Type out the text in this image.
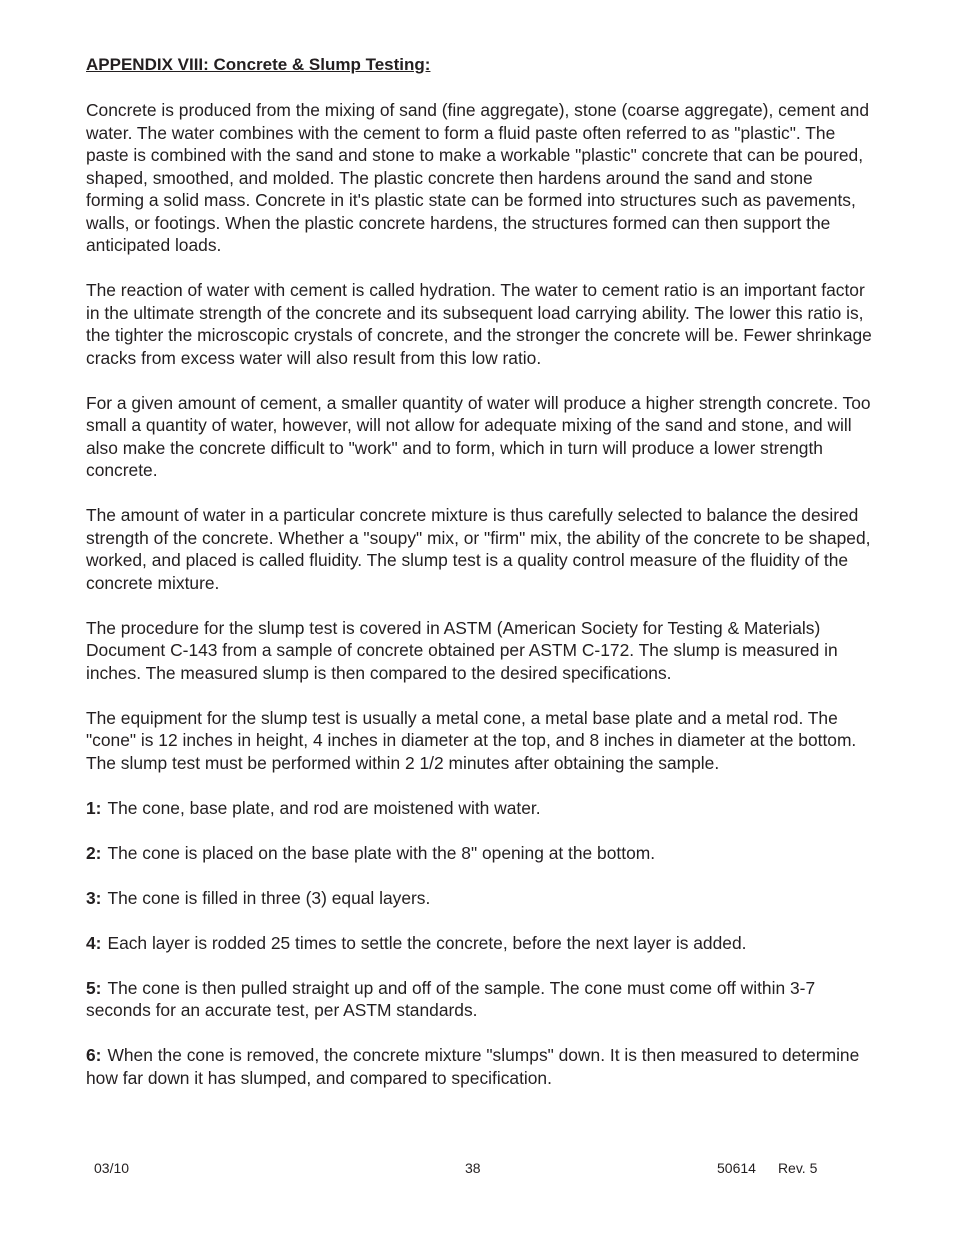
APPENDIX VIII: Concrete & Slump Testing:

Concrete is produced from the mixing of sand (fine aggregate), stone (coarse aggregate), cement and water. The water combines with the cement to form a fluid paste often referred to as "plastic". The paste is combined with the sand and stone to make a workable "plastic" concrete that can be poured, shaped, smoothed, and molded. The plastic concrete then hardens around the sand and stone forming a solid mass. Concrete in it's plastic state can be formed into structures such as pavements, walls, or footings. When the plastic concrete hardens, the structures formed can then support the anticipated loads.

The reaction of water with cement is called hydration. The water to cement ratio is an important factor in the ultimate strength of the concrete and its subsequent load carrying ability. The lower this ratio is, the tighter the microscopic crystals of concrete, and the stronger the concrete will be. Fewer shrinkage cracks from excess water will also result from this low ratio.

For a given amount of cement, a smaller quantity of water will produce a higher strength concrete. Too small a quantity of water, however, will not allow for adequate mixing of the sand and stone, and will also make the concrete difficult to "work" and to form, which in turn will produce a lower strength concrete.

The amount of water in a particular concrete mixture is thus carefully selected to balance the desired strength of the concrete. Whether a "soupy" mix, or "firm" mix, the ability of the concrete to be shaped, worked, and placed is called fluidity. The slump test is a quality control measure of the fluidity of the concrete mixture.

The procedure for the slump test is covered in ASTM (American Society for Testing & Materials) Document C-143 from a sample of concrete obtained per ASTM C-172. The slump is measured in inches. The measured slump is then compared to the desired specifications.

The equipment for the slump test is usually a metal cone, a metal base plate and a metal rod. The "cone" is 12 inches in height, 4 inches in diameter at the top, and 8 inches in diameter at the bottom. The slump test must be performed within 2 1/2 minutes after obtaining the sample.

1: The cone, base plate, and rod are moistened with water.
2: The cone is placed on the base plate with the 8" opening at the bottom.
3: The cone is filled in three (3) equal layers.
4: Each layer is rodded 25 times to settle the concrete, before the next layer is added.
5: The cone is then pulled straight up and off of the sample. The cone must come off within 3-7 seconds for an accurate test, per ASTM standards.
6: When the cone is removed, the concrete mixture "slumps" down. It is then measured to determine how far down it has slumped, and compared to specification.
03/10	38	50614 Rev. 5
